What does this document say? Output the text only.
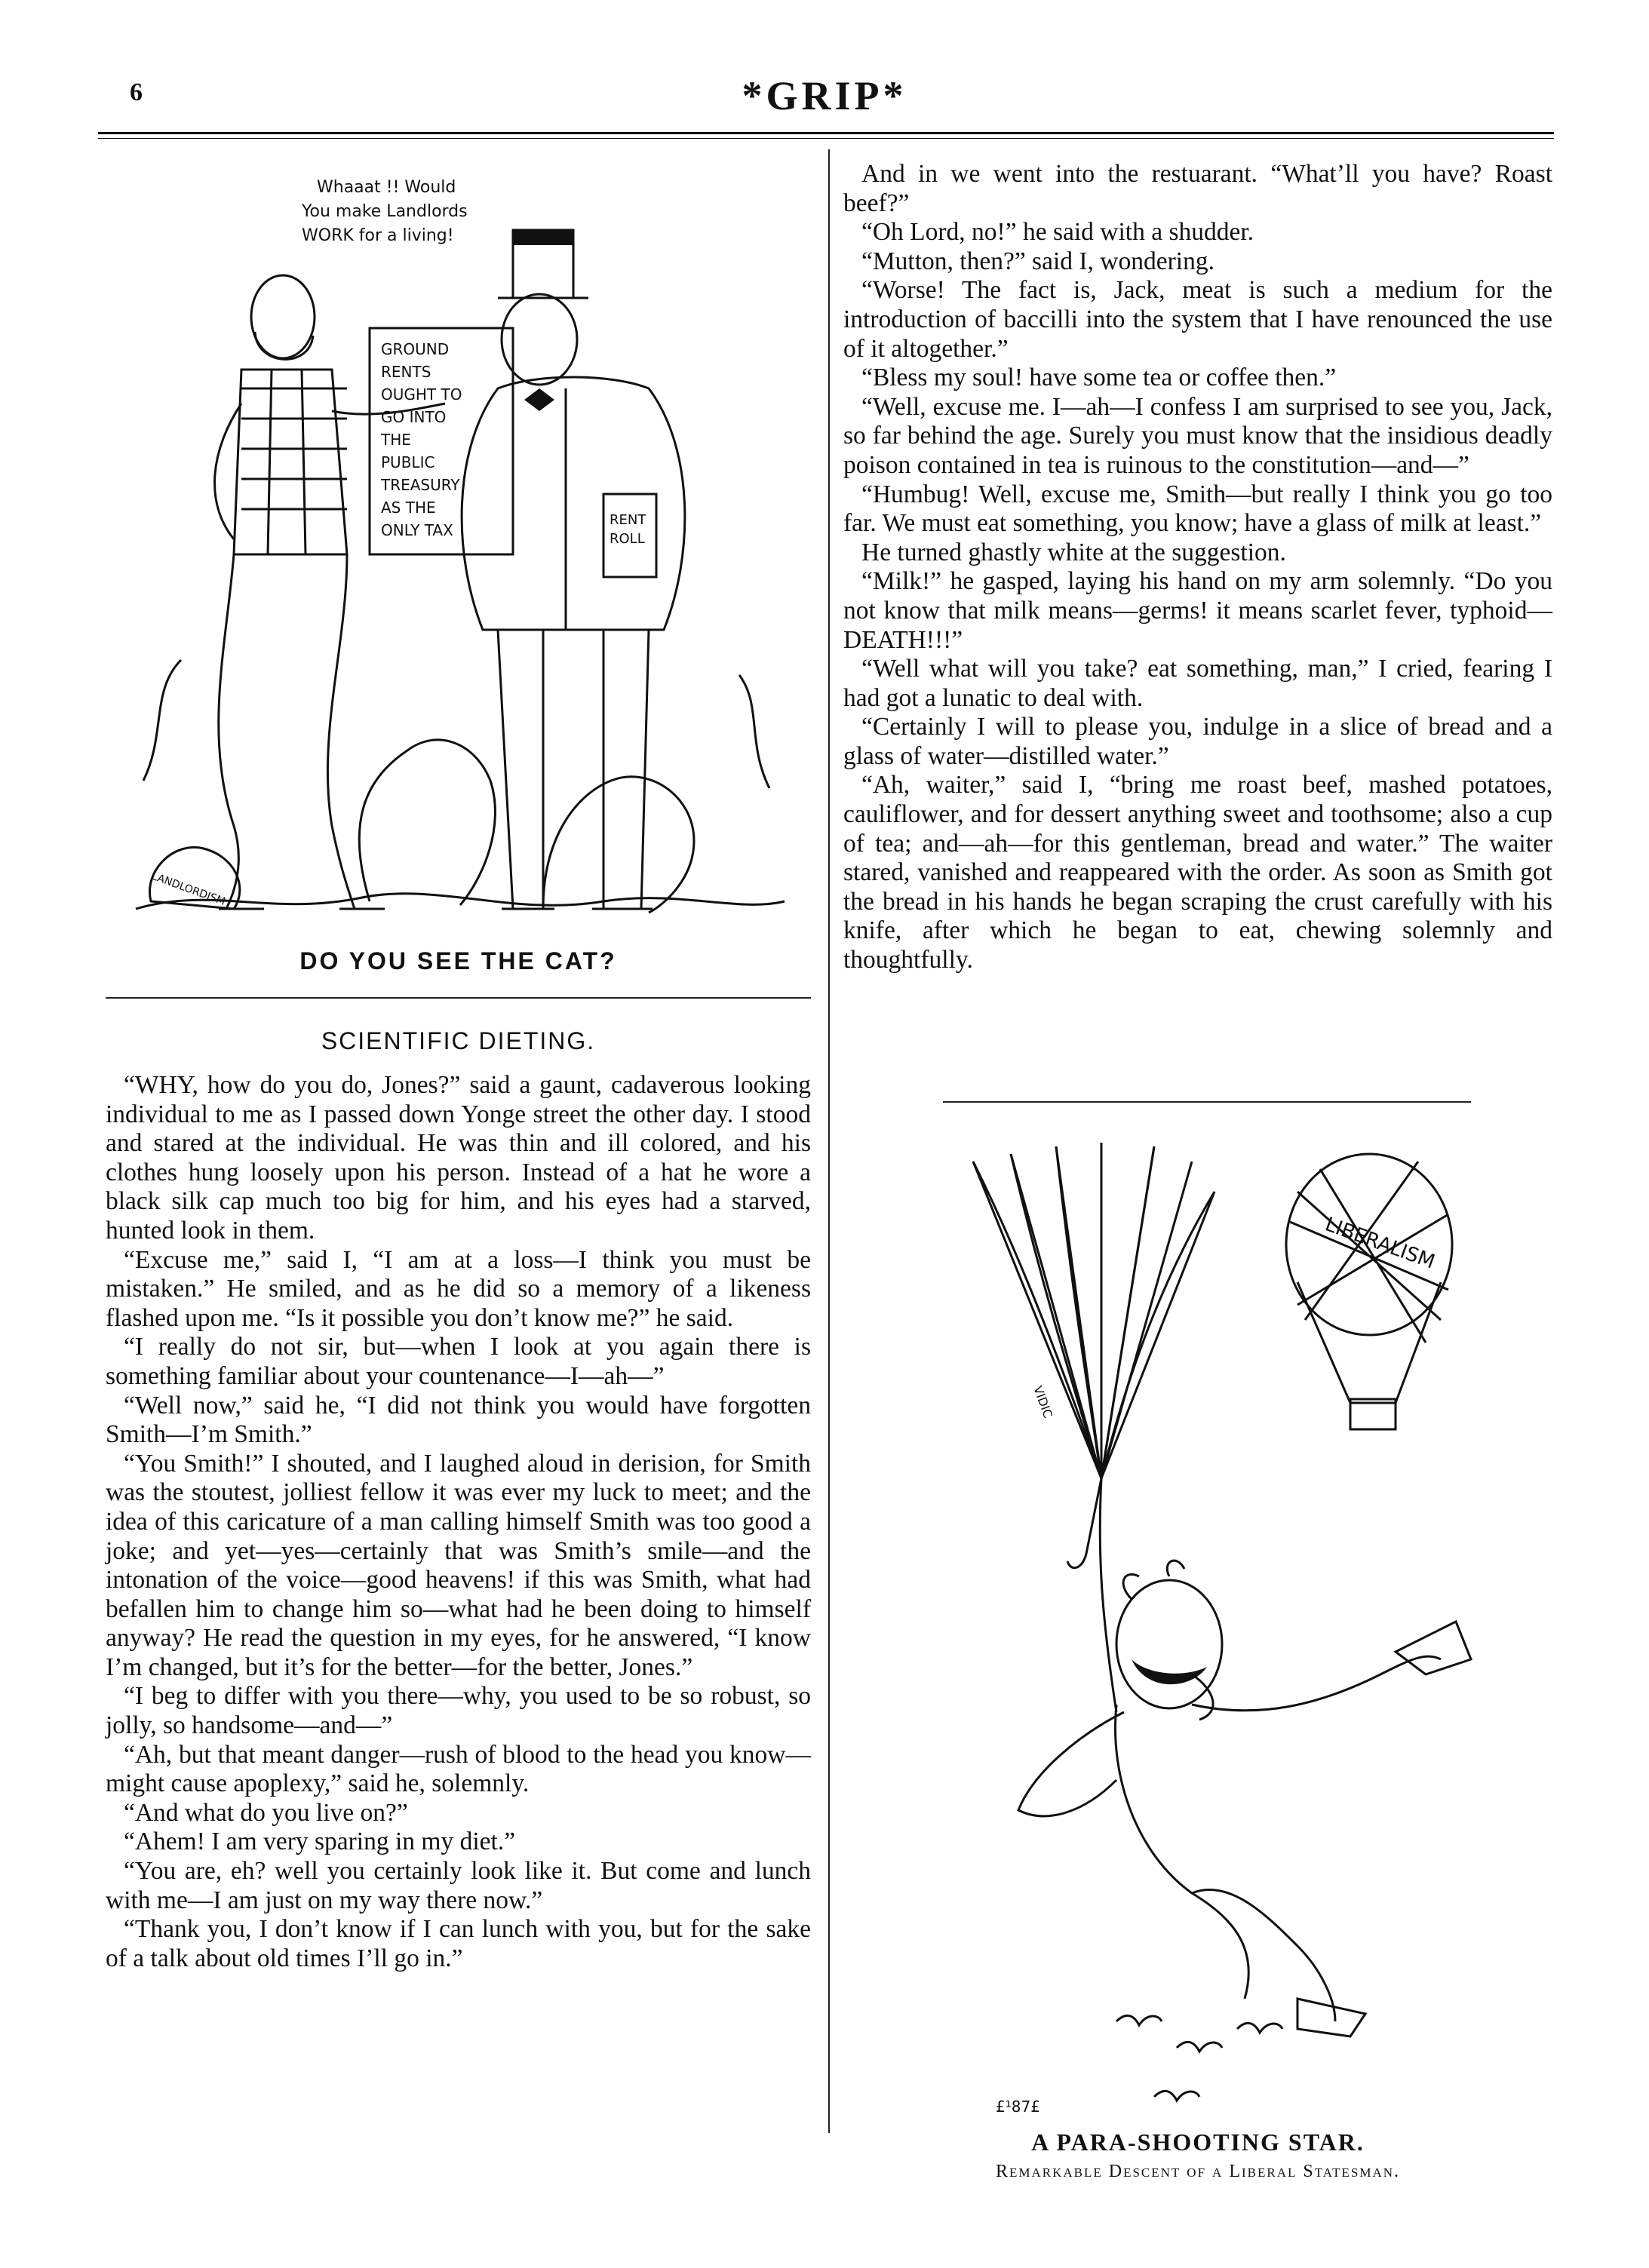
6	*GRIP*
Whaaat !! Would
You make Landlords
WORK for a living!
GROUND
RENTS
OUGHT TO
GO INTO
THE
PUBLIC
TREASURY
AS THE
ONLY TAX
RENT
ROLL
LANDLORDISM
DO YOU SEE THE CAT?
SCIENTIFIC DIETING.

“WHY, how do you do, Jones?” said a gaunt, cadaverous looking individual to me as I passed down Yonge street the other day. I stood and stared at the individual. He was thin and ill colored, and his clothes hung loosely upon his person. Instead of a hat he wore a black silk cap much too big for him, and his eyes had a starved, hunted look in them.

“Excuse me,” said I, “I am at a loss—I think you must be mistaken.” He smiled, and as he did so a memory of a likeness flashed upon me. “Is it possible you don’t know me?” he said.

“I really do not sir, but—when I look at you again there is something familiar about your countenance—I—ah—”

“Well now,” said he, “I did not think you would have forgotten Smith—I’m Smith.”

“You Smith!” I shouted, and I laughed aloud in derision, for Smith was the stoutest, jolliest fellow it was ever my luck to meet; and the idea of this caricature of a man calling himself Smith was too good a joke; and yet—yes—certainly that was Smith’s smile—and the intonation of the voice—good heavens! if this was Smith, what had befallen him to change him so—what had he been doing to himself anyway? He read the question in my eyes, for he answered, “I know I’m changed, but it’s for the better—for the better, Jones.”

“I beg to differ with you there—why, you used to be so robust, so jolly, so handsome—and—”

“Ah, but that meant danger—rush of blood to the head you know—might cause apoplexy,” said he, solemnly.

“And what do you live on?”

“Ahem! I am very sparing in my diet.”

“You are, eh? well you certainly look like it. But come and lunch with me—I am just on my way there now.”

“Thank you, I don’t know if I can lunch with you, but for the sake of a talk about old times I’ll go in.”

And in we went into the restuarant. “What’ll you have? Roast beef?”

“Oh Lord, no!” he said with a shudder.

“Mutton, then?” said I, wondering.

“Worse! The fact is, Jack, meat is such a medium for the introduction of baccilli into the system that I have renounced the use of it altogether.”

“Bless my soul! have some tea or coffee then.”

“Well, excuse me. I—ah—I confess I am surprised to see you, Jack, so far behind the age. Surely you must know that the insidious deadly poison contained in tea is ruinous to the constitution—and—”

“Humbug! Well, excuse me, Smith—but really I think you go too far. We must eat something, you know; have a glass of milk at least.”

He turned ghastly white at the suggestion.

“Milk!” he gasped, laying his hand on my arm solemnly. “Do you not know that milk means—germs! it means scarlet fever, typhoid—DEATH!!!”

“Well what will you take? eat something, man,” I cried, fearing I had got a lunatic to deal with.

“Certainly I will to please you, indulge in a slice of bread and a glass of water—distilled water.”

“Ah, waiter,” said I, “bring me roast beef, mashed potatoes, cauliflower, and for dessert anything sweet and toothsome; also a cup of tea; and—ah—for this gentleman, bread and water.” The waiter stared, vanished and reappeared with the order. As soon as Smith got the bread in his hands he began scraping the crust carefully with his knife, after which he began to eat, chewing solemnly and thoughtfully.

LIBERALISM
VIDIC
£¹87£
A PARA-SHOOTING STAR.
Remarkable Descent of a Liberal Statesman.
